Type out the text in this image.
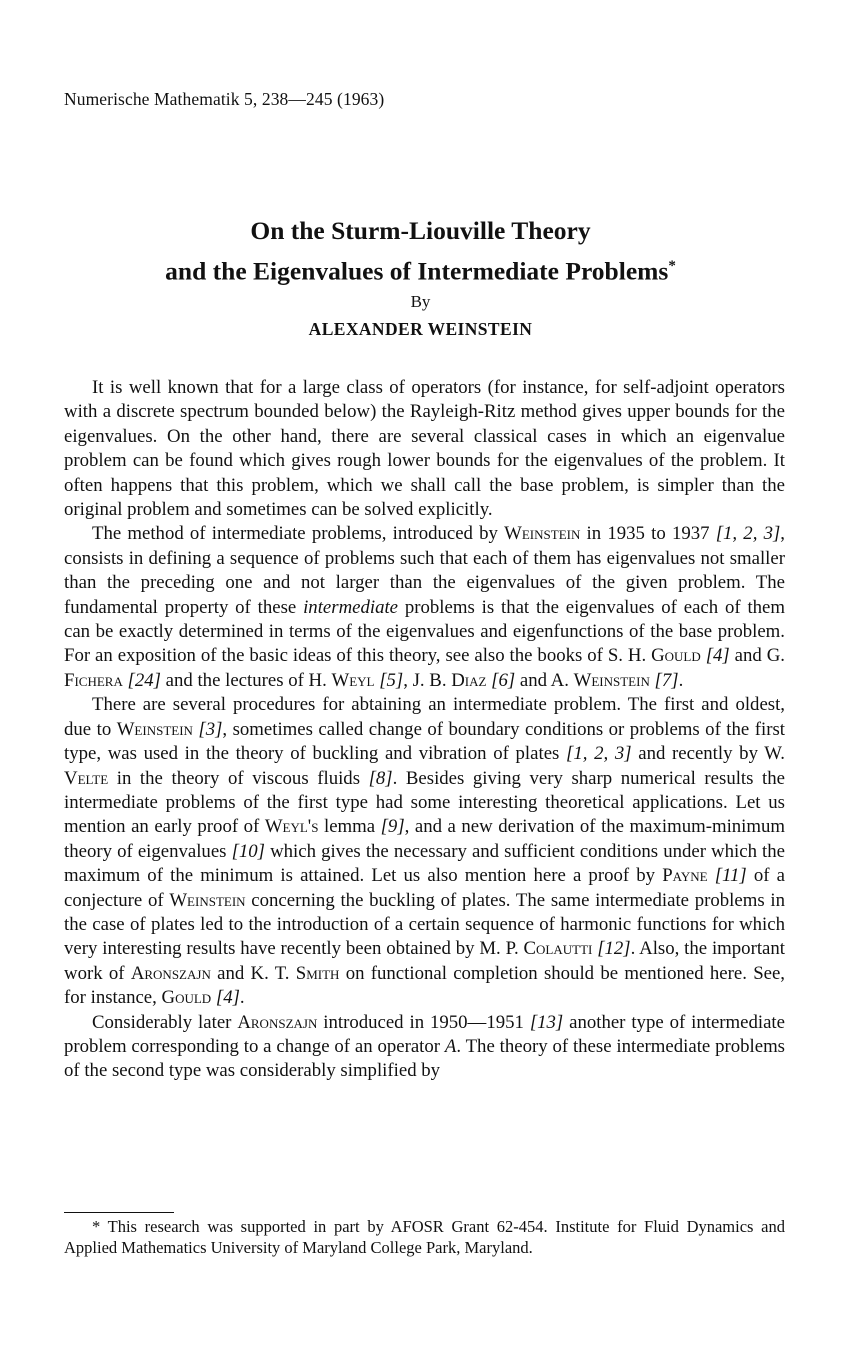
Numerische Mathematik 5, 238—245 (1963)
On the Sturm-Liouville Theory
and the Eigenvalues of Intermediate Problems*
By
ALEXANDER WEINSTEIN

It is well known that for a large class of operators (for instance, for self-adjoint operators with a discrete spectrum bounded below) the Rayleigh-Ritz method gives upper bounds for the eigenvalues. On the other hand, there are several classical cases in which an eigenvalue problem can be found which gives rough lower bounds for the eigenvalues of the problem. It often happens that this problem, which we shall call the base problem, is simpler than the original problem and sometimes can be solved explicitly.

The method of intermediate problems, introduced by Weinstein in 1935 to 1937 [1, 2, 3], consists in defining a sequence of problems such that each of them has eigenvalues not smaller than the preceding one and not larger than the eigenvalues of the given problem. The fundamental property of these intermediate problems is that the eigenvalues of each of them can be exactly determined in terms of the eigenvalues and eigenfunctions of the base problem. For an exposition of the basic ideas of this theory, see also the books of S. H. Gould [4] and G. Fichera [24] and the lectures of H. Weyl [5], J. B. Diaz [6] and A. Weinstein [7].

There are several procedures for abtaining an intermediate problem. The first and oldest, due to Weinstein [3], sometimes called change of boundary conditions or problems of the first type, was used in the theory of buckling and vibration of plates [1, 2, 3] and recently by W. Velte in the theory of viscous fluids [8]. Besides giving very sharp numerical results the intermediate problems of the first type had some interesting theoretical applications. Let us mention an early proof of Weyl's lemma [9], and a new derivation of the maximum-minimum theory of eigenvalues [10] which gives the necessary and sufficient conditions under which the maximum of the minimum is attained. Let us also mention here a proof by Payne [11] of a conjecture of Weinstein concerning the buckling of plates. The same intermediate problems in the case of plates led to the introduction of a certain sequence of harmonic functions for which very interesting results have recently been obtained by M. P. Colautti [12]. Also, the important work of Aronszajn and K. T. Smith on functional completion should be mentioned here. See, for instance, Gould [4].

Considerably later Aronszajn introduced in 1950—1951 [13] another type of intermediate problem corresponding to a change of an operator A. The theory of these intermediate problems of the second type was considerably simplified by

* This research was supported in part by AFOSR Grant 62-454. Institute for Fluid Dynamics and Applied Mathematics University of Maryland College Park, Maryland.
